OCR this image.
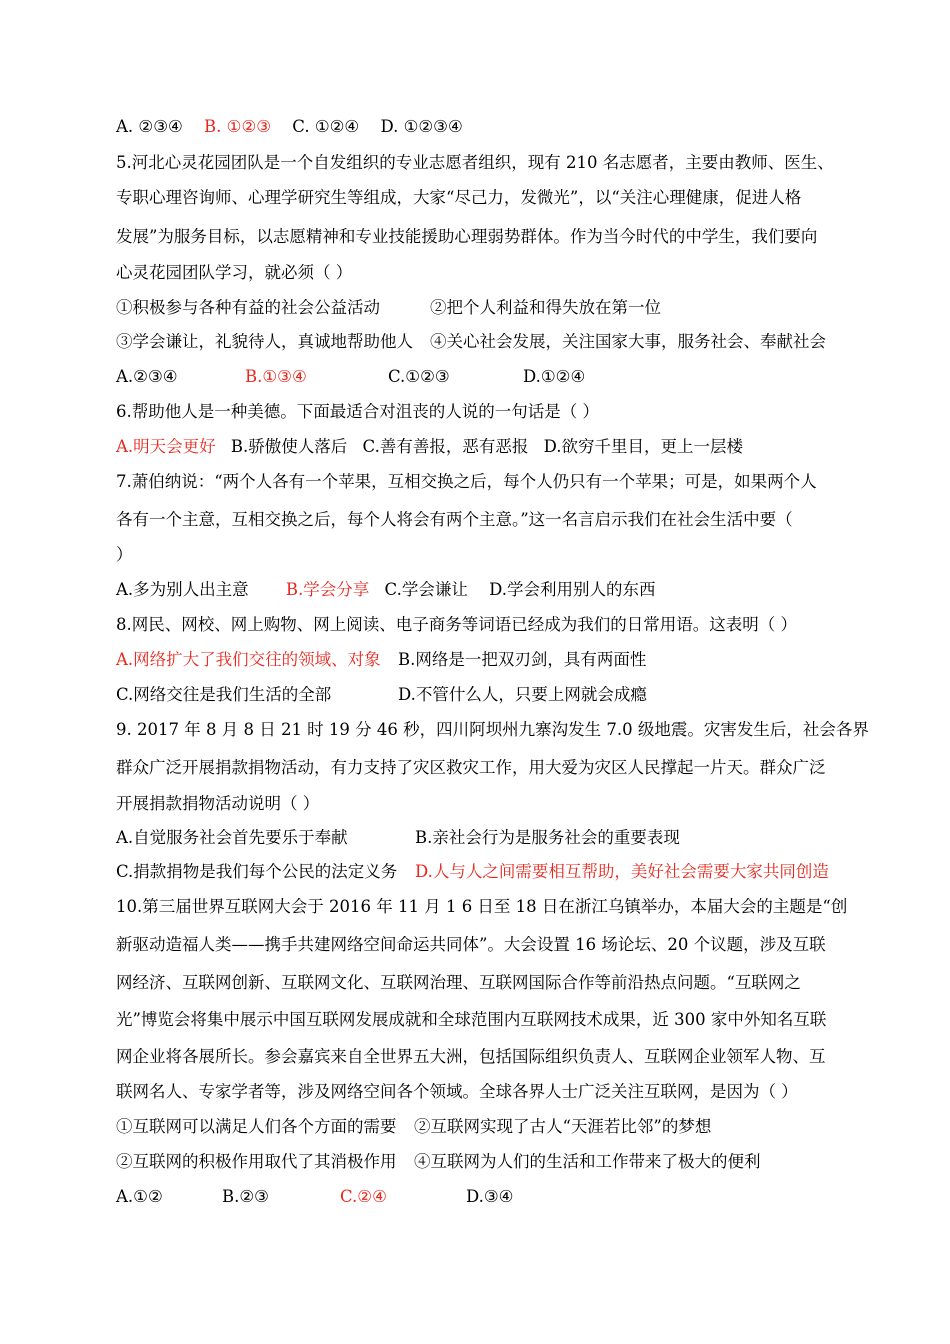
A. ②③④ B. ①②③ C. ①②④ D. ①②③④
5.河北心灵花园团队是一个自发组织的专业志愿者组织，现有 210 名志愿者，主要由教师、医生、
专职心理咨询师、心理学研究生等组成，大家“尽己力，发微光”，以“关注心理健康，促进人格
发展”为服务目标，以志愿精神和专业技能援助心理弱势群体。作为当今时代的中学生，我们要向
心灵花园团队学习，就必须（ ）
①积极参与各种有益的社会公益活动	②把个人利益和得失放在第一位
③学会谦让，礼貌待人，真诚地帮助他人 ④关心社会发展，关注国家大事，服务社会、奉献社会
A.②③④	B.①③④	C.①②③	D.①②④
6.帮助他人是一种美德。下面最适合对沮丧的人说的一句话是（ ）
A.明天会更好 B.骄傲使人落后 C.善有善报，恶有恶报 D.欲穷千里目，更上一层楼
7.萧伯纳说：“两个人各有一个苹果，互相交换之后，每个人仍只有一个苹果；可是，如果两个人
各有一个主意，互相交换之后，每个人将会有两个主意。”这一名言启示我们在社会生活中要（
）
A.多为别人出主意 B.学会分享 C.学会谦让 D.学会利用别人的东西
8.网民、网校、网上购物、网上阅读、电子商务等词语已经成为我们的日常用语。这表明（ ）
A.网络扩大了我们交往的领域、对象 B.网络是一把双刃剑，具有两面性
C.网络交往是我们生活的全部	D.不管什么人，只要上网就会成瘾
9. 2017 年 8 月 8 日 21 时 19 分 46 秒，四川阿坝州九寨沟发生 7.0 级地震。灾害发生后，社会各界
群众广泛开展捐款捐物活动，有力支持了灾区救灾工作，用大爱为灾区人民撑起一片天。群众广泛
开展捐款捐物活动说明（ ）
A.自觉服务社会首先要乐于奉献	B.亲社会行为是服务社会的重要表现
C.捐款捐物是我们每个公民的法定义务 D.人与人之间需要相互帮助，美好社会需要大家共同创造
10.第三届世界互联网大会于 2016 年 11 月 1 6 日至 18 日在浙江乌镇举办，本届大会的主题是“创
新驱动造福人类——携手共建网络空间命运共同体”。大会设置 16 场论坛、20 个议题，涉及互联
网经济、互联网创新、互联网文化、互联网治理、互联网国际合作等前沿热点问题。“互联网之
光”博览会将集中展示中国互联网发展成就和全球范围内互联网技术成果，近 300 家中外知名互联
网企业将各展所长。参会嘉宾来自全世界五大洲，包括国际组织负责人、互联网企业领军人物、互
联网名人、专家学者等，涉及网络空间各个领域。全球各界人士广泛关注互联网，是因为（ ）
①互联网可以满足人们各个方面的需要 ②互联网实现了古人“天涯若比邻”的梦想
②互联网的积极作用取代了其消极作用 ④互联网为人们的生活和工作带来了极大的便利
A.①②	B.②③	C.②④	D.③④
